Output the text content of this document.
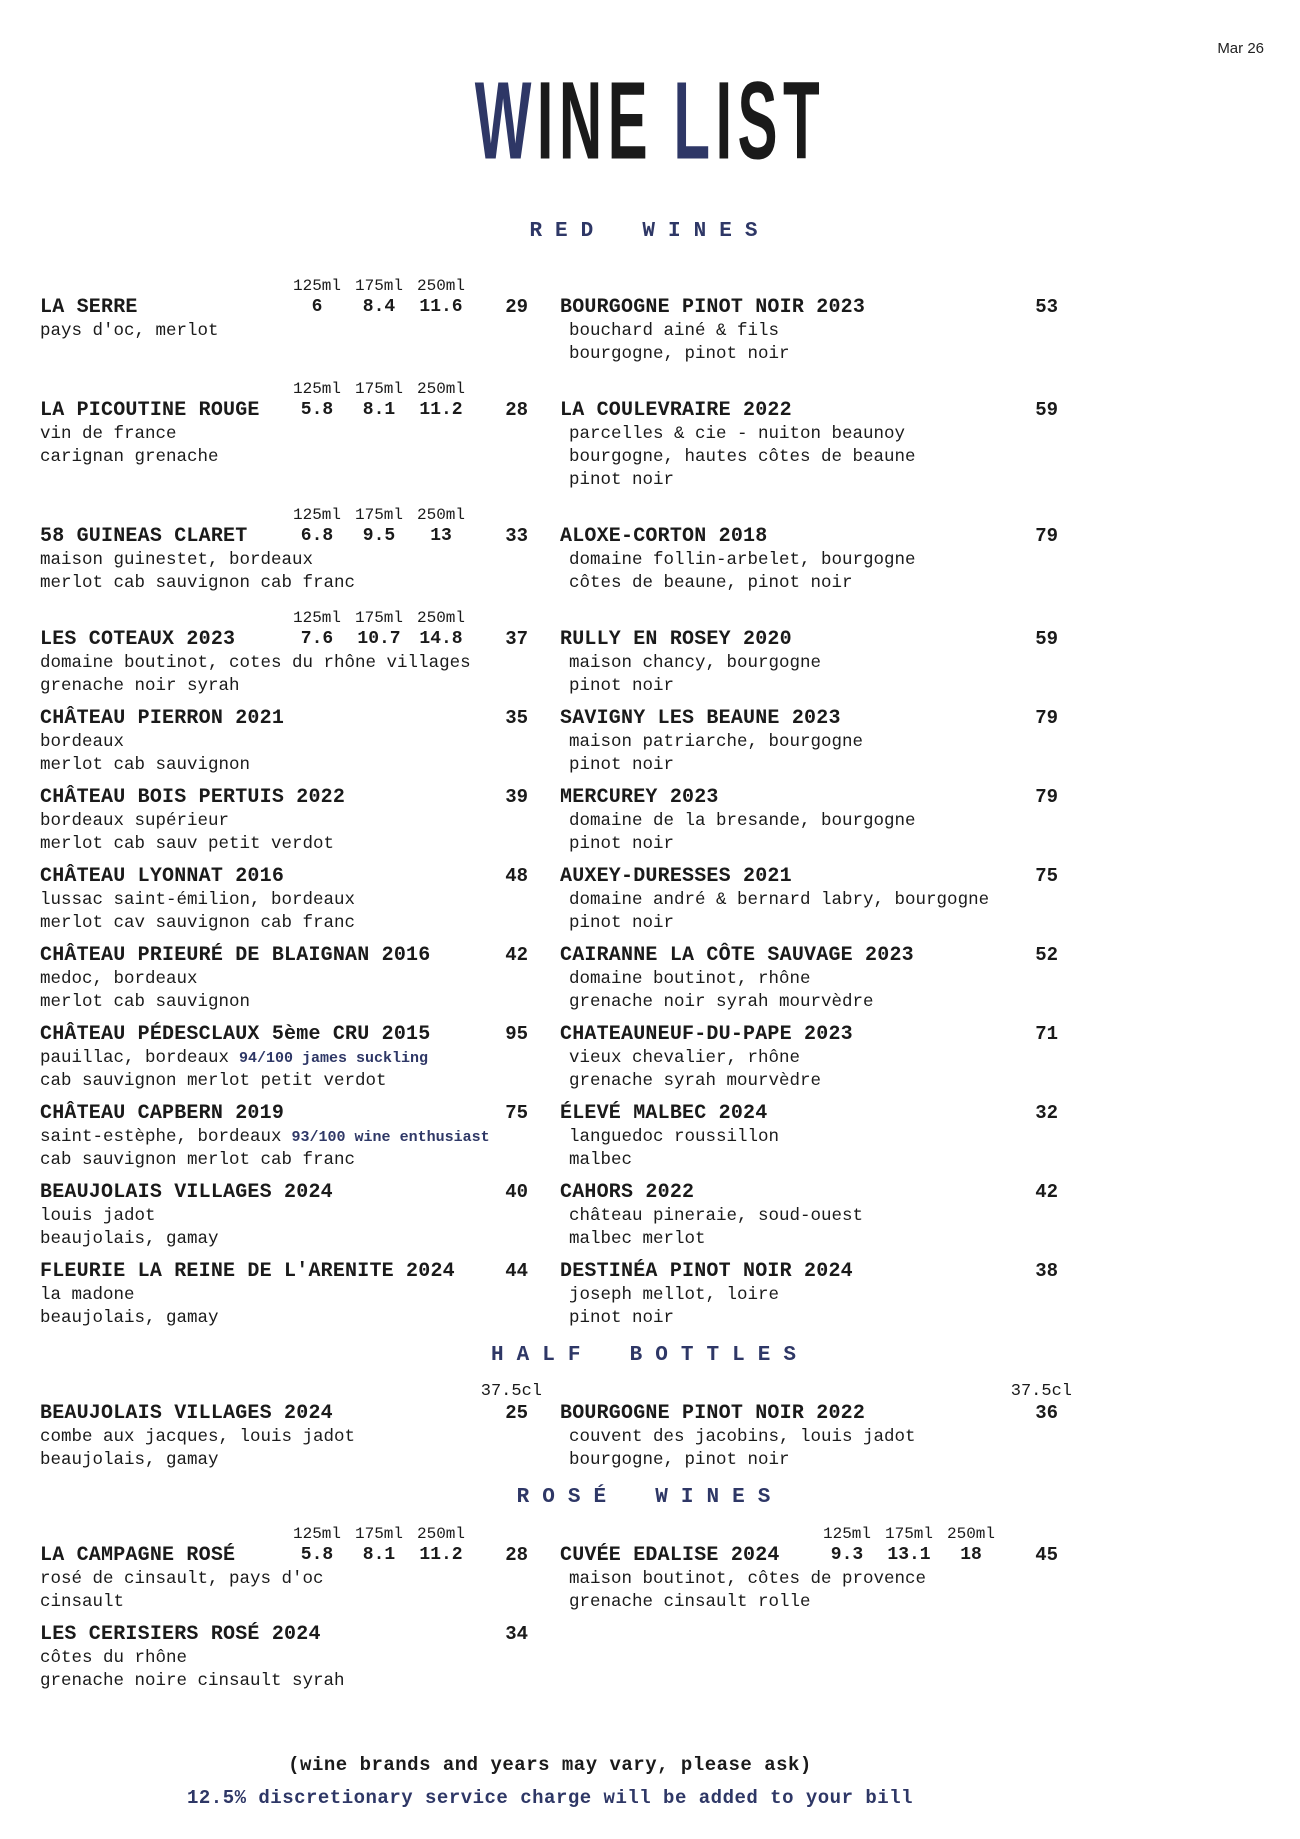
Mar 26
WINE LIST
RED WINES
125ml 175ml 250ml
LA SERRE	6	8.4	11.6	29
pays d'oc, merlot
BOURGOGNE PINOT NOIR 2023	53
bouchard ainé & fils
bourgogne, pinot noir
125ml 175ml 250ml
LA PICOUTINE ROUGE	5.8	8.1	11.2	28
vin de france
carignan grenache
LA COULEVRAIRE 2022	59
parcelles & cie - nuiton beaunoy
bourgogne, hautes côtes de beaune
pinot noir
125ml 175ml 250ml
58 GUINEAS CLARET	6.8	9.5	13	33
maison guinestet, bordeaux
merlot cab sauvignon cab franc
ALOXE-CORTON 2018	79
domaine follin-arbelet, bourgogne
côtes de beaune, pinot noir
125ml 175ml 250ml
LES COTEAUX 2023	7.6	10.7	14.8	37
domaine boutinot, cotes du rhône villages
grenache noir syrah
RULLY EN ROSEY 2020	59
maison chancy, bourgogne
pinot noir
CHÂTEAU PIERRON 2021	35
bordeaux
merlot cab sauvignon
SAVIGNY LES BEAUNE 2023	79
maison patriarche, bourgogne
pinot noir
CHÂTEAU BOIS PERTUIS 2022	39
bordeaux supérieur
merlot cab sauv petit verdot
MERCUREY 2023	79
domaine de la bresande, bourgogne
pinot noir
CHÂTEAU LYONNAT 2016	48
lussac saint-émilion, bordeaux
merlot cav sauvignon cab franc
AUXEY-DURESSES 2021	75
domaine andré & bernard labry, bourgogne
pinot noir
CHÂTEAU PRIEURÉ DE BLAIGNAN 2016	42
medoc, bordeaux
merlot cab sauvignon
CAIRANNE LA CÔTE SAUVAGE 2023	52
domaine boutinot, rhône
grenache noir syrah mourvèdre
CHÂTEAU PÉDESCLAUX 5ème CRU 2015	95
pauillac, bordeaux 94/100 james suckling
cab sauvignon merlot petit verdot
CHATEAUNEUF-DU-PAPE 2023	71
vieux chevalier, rhône
grenache syrah mourvèdre
CHÂTEAU CAPBERN 2019	75
saint-estèphe, bordeaux 93/100 wine enthusiast
cab sauvignon merlot cab franc
ÉLEVÉ MALBEC 2024	32
languedoc roussillon
malbec
BEAUJOLAIS VILLAGES 2024	40
louis jadot
beaujolais, gamay
CAHORS 2022	42
château pineraie, soud-ouest
malbec merlot
FLEURIE LA REINE DE L'ARENITE 2024	44
la madone
beaujolais, gamay
DESTINÉA PINOT NOIR 2024	38
joseph mellot, loire
pinot noir
HALF BOTTLES
37.5cl
BEAUJOLAIS VILLAGES 2024	25
combe aux jacques, louis jadot
beaujolais, gamay
37.5cl
BOURGOGNE PINOT NOIR 2022	36
couvent des jacobins, louis jadot
bourgogne, pinot noir
ROSÉ WINES
125ml 175ml 250ml
LA CAMPAGNE ROSÉ	5.8	8.1	11.2	28
rosé de cinsault, pays d'oc
cinsault
125ml 175ml 250ml
CUVÉE EDALISE 2024	9.3	13.1	18	45
maison boutinot, côtes de provence
grenache cinsault rolle
LES CERISIERS ROSÉ 2024	34
côtes du rhône
grenache noire cinsault syrah
(wine brands and years may vary, please ask)
12.5% discretionary service charge will be added to your bill
